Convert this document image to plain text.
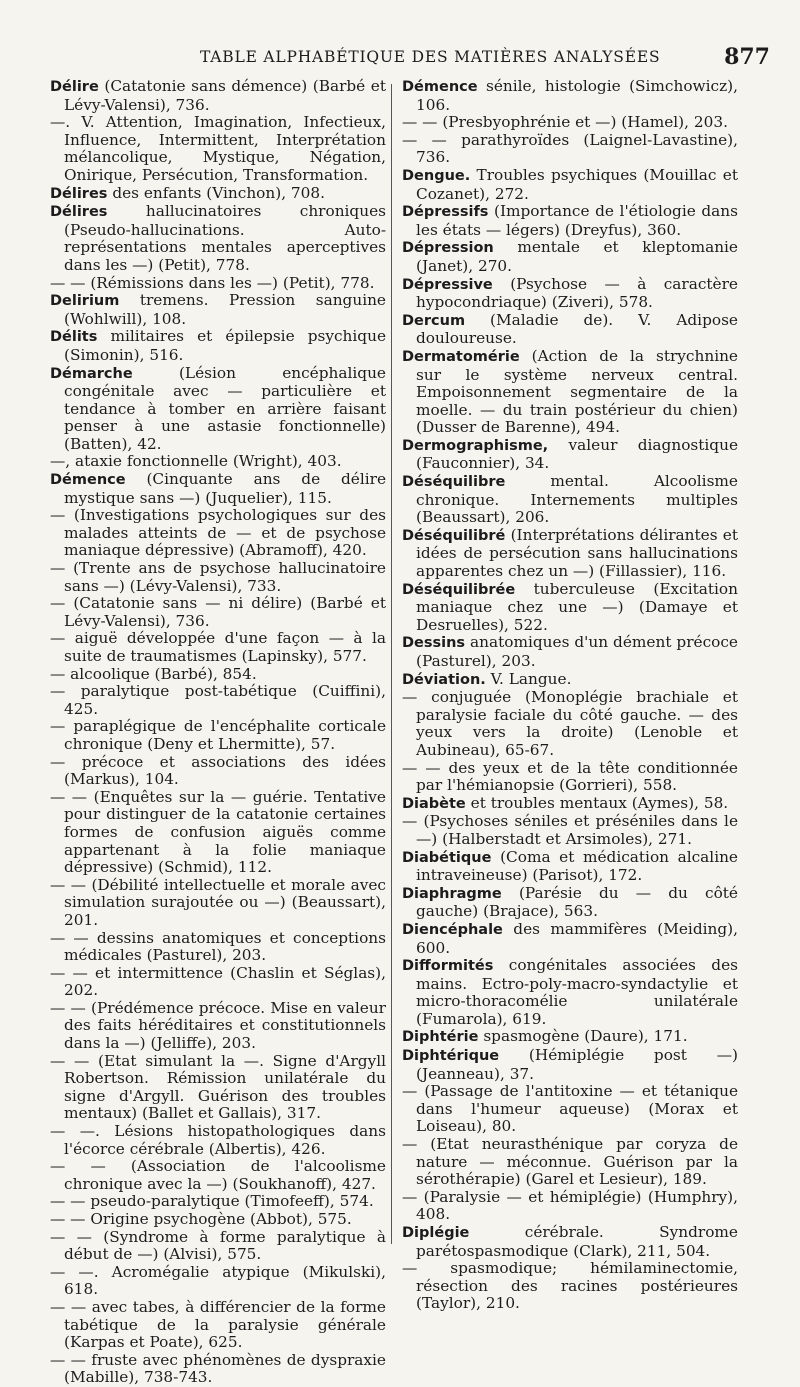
TABLE ALPHABÉTIQUE DES MATIÈRES ANALYSÉES	877
Délire (Catatonie sans démence) (Barbé et Lévy-Valensi), 736.
—. V. Attention, Imagination, Infectieux, Influence, Intermittent, Interprétation mélancolique, Mystique, Négation, Onirique, Persécution, Transformation.
Délires des enfants (Vinchon), 708.
Délires	hallucinatoires chroniques (Pseudo-hallucinations. Auto-représentations mentales aperceptives dans les —) (Petit), 778.
— — (Rémissions dans les —) (Petit), 778.
Delirium tremens. Pression sanguine (Wohlwill), 108.
Délits militaires et épilepsie psychique (Simonin), 516.
Démarche	(Lésion encéphalique congénitale avec — particulière et tendance à tomber en arrière faisant penser à une astasie fonctionnelle) (Batten), 42.
—, ataxie fonctionnelle (Wright), 403.
Démence (Cinquante ans de délire mystique sans —) (Juquelier), 115.
— (Investigations psychologiques sur des malades atteints de — et de psychose maniaque dépressive) (Abramoff), 420.
— (Trente ans de psychose hallucinatoire sans —) (Lévy-Valensi), 733.
— (Catatonie sans — ni délire) (Barbé et Lévy-Valensi), 736.
— aiguë développée d'une façon — à la suite de traumatismes (Lapinsky), 577.
— alcoolique (Barbé), 854.
— paralytique post-tabétique (Cuiffini), 425.
— paraplégique de l'encéphalite corticale chronique (Deny et Lhermitte), 57.
— précoce et associations des idées (Markus), 104.
— — (Enquêtes sur la — guérie. Tentative pour distinguer de la catatonie certaines formes de confusion aiguës comme appartenant à la folie maniaque dépressive) (Schmid), 112.
— — (Débilité intellectuelle et morale avec simulation surajoutée ou —) (Beaussart), 201.
— — dessins anatomiques et conceptions médicales (Pasturel), 203.
— — et intermittence (Chaslin et Séglas), 202.
— — (Prédémence précoce. Mise en valeur des faits héréditaires et constitutionnels dans la —) (Jelliffe), 203.
— — (Etat simulant la —. Signe d'Argyll Robertson. Rémission unilatérale du signe d'Argyll. Guérison des troubles mentaux) (Ballet et Gallais), 317.
— —. Lésions histopathologiques dans l'écorce cérébrale (Albertis), 426.
— — (Association de l'alcoolisme chronique avec la —) (Soukhanoff), 427.
— — pseudo-paralytique (Timofeeff), 574.
— — Origine psychogène (Abbot), 575.
— — (Syndrome à forme paralytique à début de —) (Alvisi), 575.
— —. Acromégalie atypique (Mikulski), 618.
— — avec tabes, à différencier de la forme tabétique de la paralysie générale (Karpas et Poate), 625.
— — fruste avec phénomènes de dyspraxie (Mabille), 738-743.
Démence sénile, histologie (Simchowicz), 106.
— — (Presbyophrénie et —) (Hamel), 203.
— — parathyroïdes (Laignel-Lavastine), 736.
Dengue. Troubles psychiques (Mouillac et Cozanet), 272.
Dépressifs (Importance de l'étiologie dans les états — légers) (Dreyfus), 360.
Dépression mentale et kleptomanie (Janet), 270.
Dépressive (Psychose — à caractère hypocondriaque) (Ziveri), 578.
Dercum (Maladie de). V. Adipose douloureuse.
Dermatomérie (Action de la strychnine sur le système nerveux central. Empoisonnement segmentaire de la moelle. — du train postérieur du chien) (Dusser de Barenne), 494.
Dermographisme, valeur diagnostique (Fauconnier), 34.
Déséquilibre	mental. Alcoolisme chronique. Internements multiples (Beaussart), 206.
Déséquilibré (Interprétations délirantes et idées de persécution sans hallucinations apparentes chez un —) (Fillassier), 116.
Déséquilibrée tuberculeuse (Excitation maniaque chez une —) (Damaye et Desruelles), 522.
Dessins anatomiques d'un dément précoce (Pasturel), 203.
Déviation. V. Langue.
— conjuguée (Monoplégie brachiale et paralysie faciale du côté gauche. — des yeux vers la droite) (Lenoble et Aubineau), 65-67.
— — des yeux et de la tête conditionnée par l'hémianopsie (Gorrieri), 558.
Diabète et troubles mentaux (Aymes), 58.
— (Psychoses séniles et préséniles dans le —) (Halberstadt et Arsimoles), 271.
Diabétique (Coma et médication alcaline intraveineuse) (Parisot), 172.
Diaphragme (Parésie du — du côté gauche) (Brajace), 563.
Diencéphale des mammifères (Meiding), 600.
Difformités congénitales associées des mains. Ectro-poly-macro-syndactylie et micro-thoracomélie unilatérale (Fumarola), 619.
Diphtérie spasmogène (Daure), 171.
Diphtérique (Hémiplégie post —) (Jeanneau), 37.
— (Passage de l'antitoxine — et tétanique dans l'humeur aqueuse) (Morax et Loiseau), 80.
— (Etat neurasthénique par coryza de nature — méconnue. Guérison par la sérothérapie) (Garel et Lesieur), 189.
— (Paralysie — et hémiplégie) (Humphry), 408.
Diplégie	cérébrale. Syndrome parétospasmodique (Clark), 211, 504.
— spasmodique; hémilaminectomie, résection des racines postérieures (Taylor), 210.
